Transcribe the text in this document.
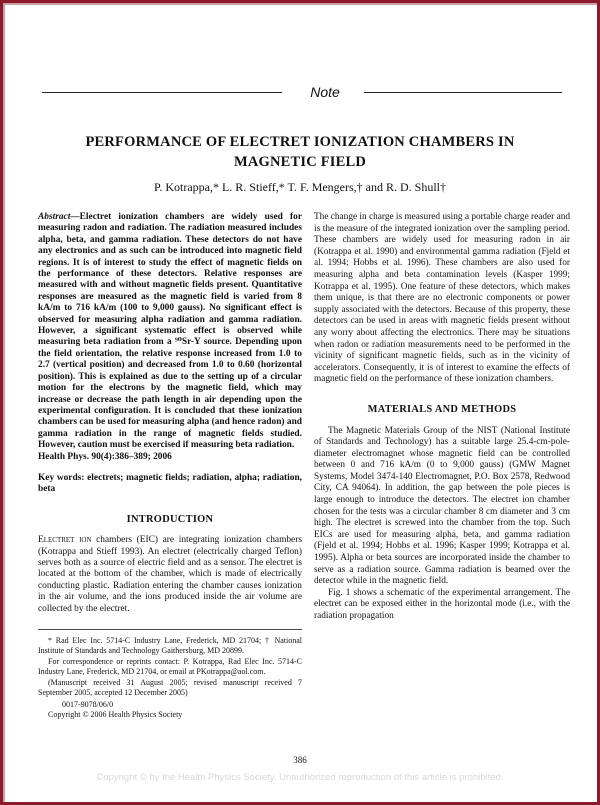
Note
PERFORMANCE OF ELECTRET IONIZATION CHAMBERS IN MAGNETIC FIELD
P. Kotrappa,* L. R. Stieff,* T. F. Mengers,† and R. D. Shull†

Abstract—Electret ionization chambers are widely used for measuring radon and radiation. The radiation measured includes alpha, beta, and gamma radiation. These detectors do not have any electronics and as such can be introduced into magnetic field regions. It is of interest to study the effect of magnetic fields on the performance of these detectors. Relative responses are measured with and without magnetic fields present. Quantitative responses are measured as the magnetic field is varied from 8 kA/m to 716 kA/m (100 to 9,000 gauss). No significant effect is observed for measuring alpha radiation and gamma radiation. However, a significant systematic effect is observed while measuring beta radiation from a ⁹⁰Sr-Y source. Depending upon the field orientation, the relative response increased from 1.0 to 2.7 (vertical position) and decreased from 1.0 to 0.60 (horizontal position). This is explained as due to the setting up of a circular motion for the electrons by the magnetic field, which may increase or decrease the path length in air depending upon the experimental configuration. It is concluded that these ionization chambers can be used for measuring alpha (and hence radon) and gamma radiation in the range of magnetic fields studied. However, caution must be exercised if measuring beta radiation.

Health Phys. 90(4):386–389; 2006

Key words: electrets; magnetic fields; radiation, alpha; radiation, beta

INTRODUCTION

Electret ion chambers (EIC) are integrating ionization chambers (Kotrappa and Stieff 1993). An electret (electrically charged Teflon) serves both as a source of electric field and as a sensor. The electret is located at the bottom of the chamber, which is made of electrically conducting plastic. Radiation entering the chamber causes ionization in the air volume, and the ions produced inside the air volume are collected by the electret.

* Rad Elec Inc. 5714-C Industry Lane, Frederick, MD 21704; † National Institute of Standards and Technology Gaithersburg, MD 20899.

For correspondence or reprints contact: P. Kotrappa, Rad Elec Inc. 5714-C Industry Lane, Frederick, MD 21704, or email at PKotrappa@aol.com.

(Manuscript received 31 August 2005; revised manuscript received 7 September 2005, accepted 12 December 2005)

0017-9078/06/0

Copyright © 2006 Health Physics Society

The change in charge is measured using a portable charge reader and is the measure of the integrated ionization over the sampling period. These chambers are widely used for measuring radon in air (Kotrappa et al. 1990) and environmental gamma radiation (Fjeld et al. 1994; Hobbs et al. 1996). These chambers are also used for measuring alpha and beta contamination levels (Kasper 1999; Kotrappa et al. 1995). One feature of these detectors, which makes them unique, is that there are no electronic components or power supply associated with the detectors. Because of this property, these detectors can be used in areas with magnetic fields present without any worry about affecting the electronics. There may be situations when radon or radiation measurements need to be performed in the vicinity of significant magnetic fields, such as in the vicinity of accelerators. Consequently, it is of interest to examine the effects of magnetic field on the performance of these ionization chambers.

MATERIALS AND METHODS

The Magnetic Materials Group of the NIST (National Institute of Standards and Technology) has a suitable large 25.4-cm-pole-diameter electromagnet whose magnetic field can be controlled between 0 and 716 kA/m (0 to 9,000 gauss) (GMW Magnet Systems, Model 3474-140 Electromagnet, P.O. Box 2578, Redwood City, CA 94064). In addition, the gap between the pole pieces is large enough to introduce the detectors. The electret ion chamber chosen for the tests was a circular chamber 8 cm diameter and 3 cm high. The electret is screwed into the chamber from the top. Such EICs are used for measuring alpha, beta, and gamma radiation (Fjeld et al. 1994; Hobbs et al. 1996; Kasper 1999; Kotrappa et al. 1995). Alpha or beta sources are incorporated inside the chamber to serve as a radiation source. Gamma radiation is beamed over the detector while in the magnetic field.

Fig. 1 shows a schematic of the experimental arrangement. The electret can be exposed either in the horizontal mode (i.e., with the radiation propagation

386
Copyright © by the Health Physics Society. Unauthorized reproduction of this article is prohibited.
